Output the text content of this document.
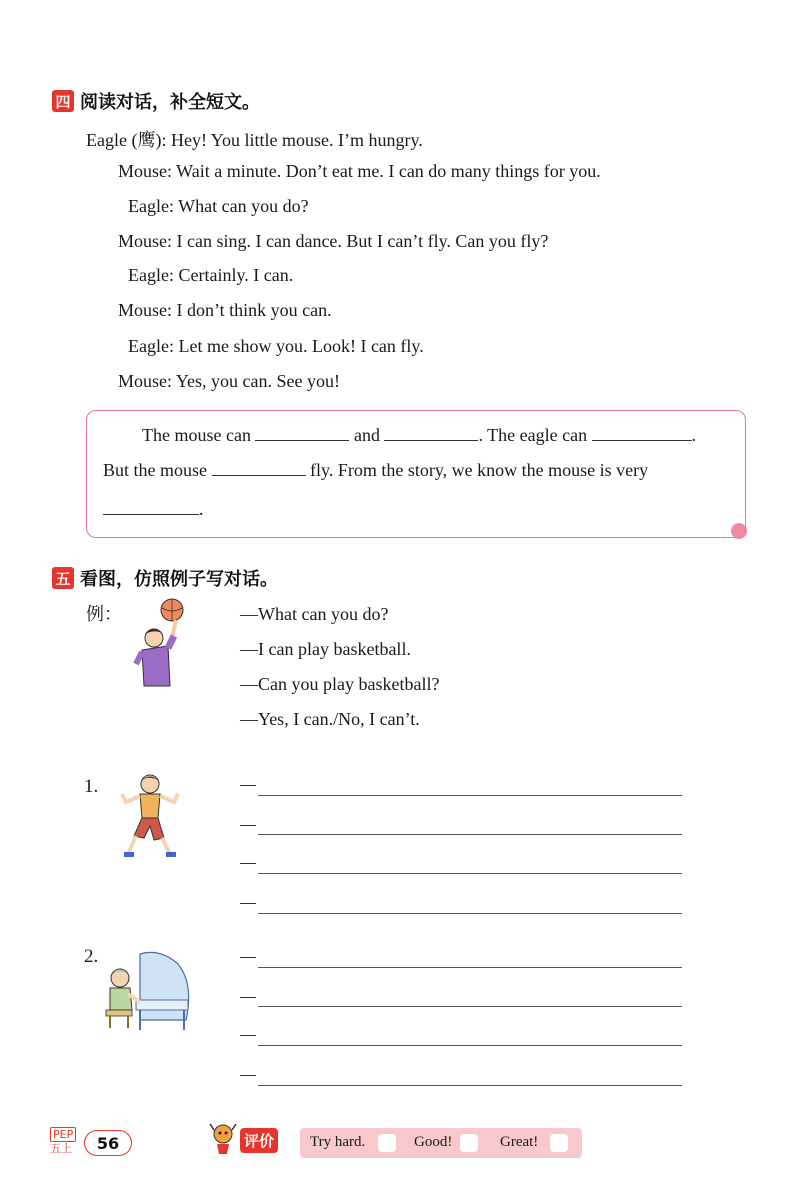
四 阅读对话，补全短文。
Eagle (鹰): Hey! You little mouse. I’m hungry.
Mouse: Wait a minute. Don’t eat me. I can do many things for you.
Eagle: What can you do?
Mouse: I can sing. I can dance. But I can’t fly. Can you fly?
Eagle: Certainly. I can.
Mouse: I don’t think you can.
Eagle: Let me show you. Look! I can fly.
Mouse: Yes, you can. See you!
The mouse can	and	. The eagle can	.
But the mouse	fly. From the story, we know the mouse is very
.
五 看图，仿照例子写对话。
例：	—What can you do?
—I can play basketball.
—Can you play basketball?
—Yes, I can./No, I can’t.
1.
2.
PEP
五上 56	评价 Try hard.	Good!	Great!
